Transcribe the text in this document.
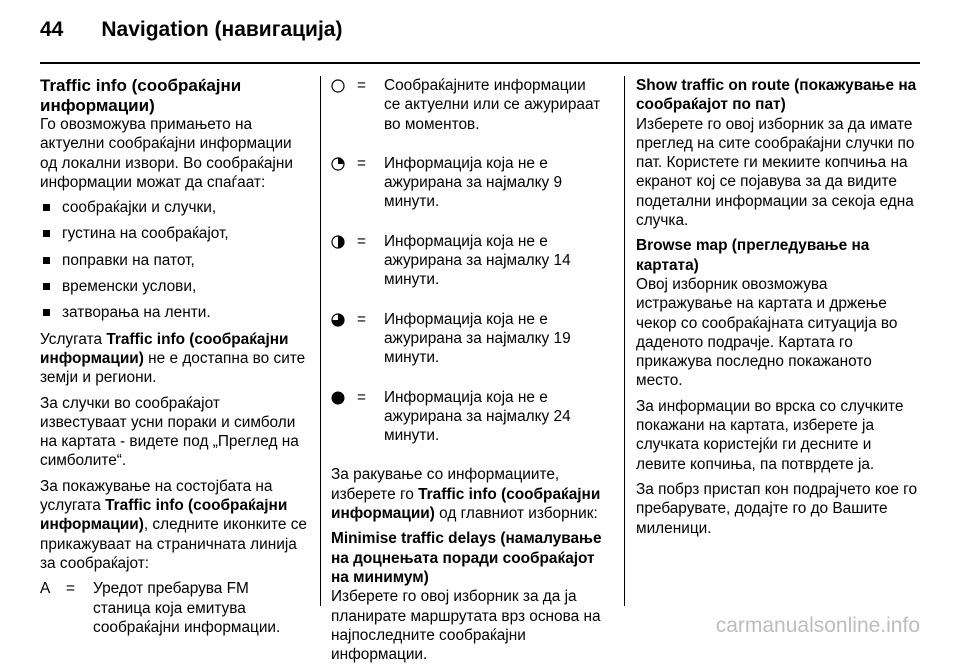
44 Navigation (навигација)

Traffic info (сообраќајни информации)

Го овозможува примањето на актуелни сообраќајни информации од локални извори. Во сообраќајни информации можат да спаѓаат:

сообраќајки и случки,
густина на сообраќајот,
поправки на патот,
временски услови,
затворања на ленти.

Услугата Traffic info (сообраќајни информации) не е достапна во сите земји и региони.

За случки во сообраќајот известуваат усни пораки и симболи на картата - видете под „Преглед на симболите“.

За покажување на состојбата на услугата Traffic info (сообраќајни информации), следните иконките се прикажуваат на страничната линија за сообраќајот:

A	=	Уредот пребарува FM станица која емитува сообраќајни информации.
=	Сообраќајните информации се актуелни или се ажурираат во моментов.
=	Информација која не е ажурирана за најмалку 9 минути.
=	Информација која не е ажурирана за најмалку 14 минути.
=	Информација која не е ажурирана за најмалку 19 минути.
=	Информација која не е ажурирана за најмалку 24 минути.

За ракување со информациите, изберете го Traffic info (сообраќајни информации) од главниот изборник:

Minimise traffic delays (намалување на доцнењата поради сообраќајот на минимум)

Изберете го овој изборник за да ја планирате маршрутата врз основа на најпоследните сообраќајни информации.

Show traffic on route (покажување на сообраќајот по пат)

Изберете го овој изборник за да имате преглед на сите сообраќајни случки по пат. Користете ги мекиите копчиња на екранот кој се појавува за да видите подетални информации за секоја една случка.

Browse map (прегледување на картата)

Овој изборник овозможува истражување на картата и држење чекор со сообраќајната ситуација во даденото подрачје. Картата го прикажува последно покажаното место.

За информации во врска со случките покажани на картата, изберете ја случката користејќи ги десните и левите копчиња, па потврдете ја.

За побрз пристап кон подрајчето кое го пребарувате, додајте го до Вашите миленици.

carmanualsonline.info
